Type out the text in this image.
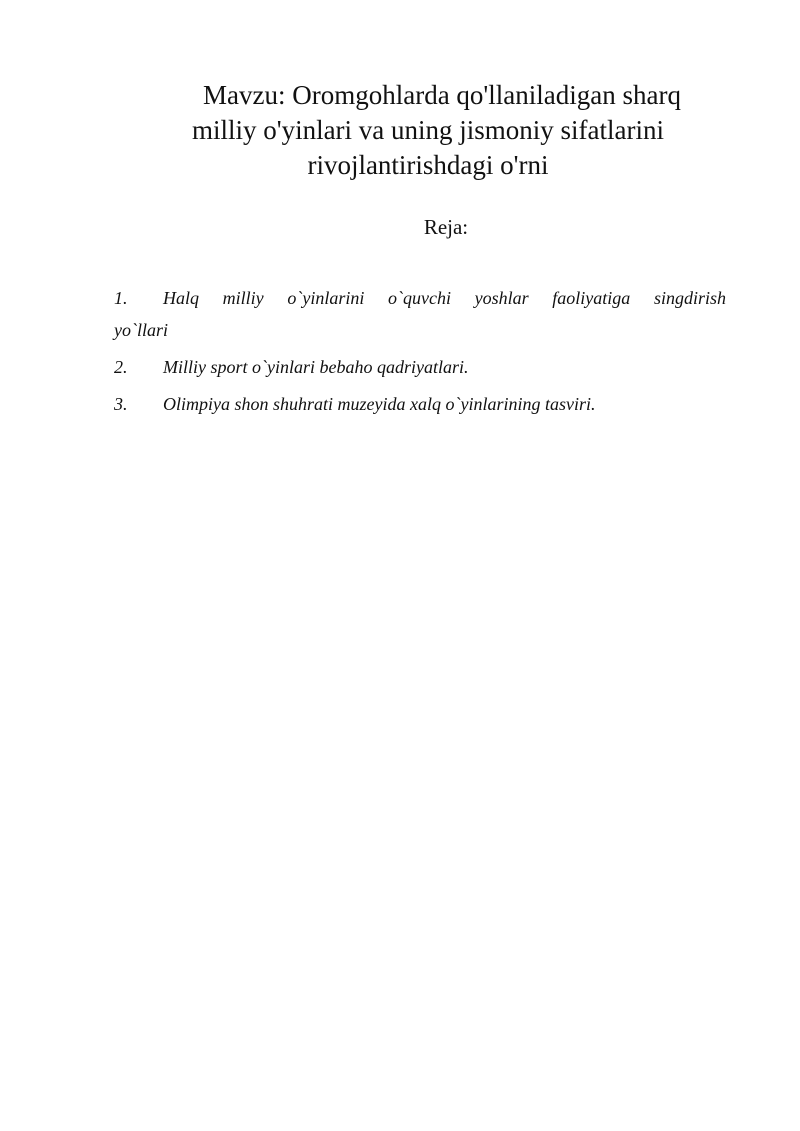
Mavzu: Oromgohlarda qo'llaniladigan sharq
milliy o'yinlari va uning jismoniy sifatlarini
rivojlantirishdagi o'rni
Reja:
1. Halq milliy o`yinlarini o`quvchi yoshlar faoliyatiga singdirish
yo`llari
2. Milliy sport o`yinlari bebaho qadriyatlari.
3. Olimpiya shon shuhrati muzeyida xalq o`yinlarining tasviri.
